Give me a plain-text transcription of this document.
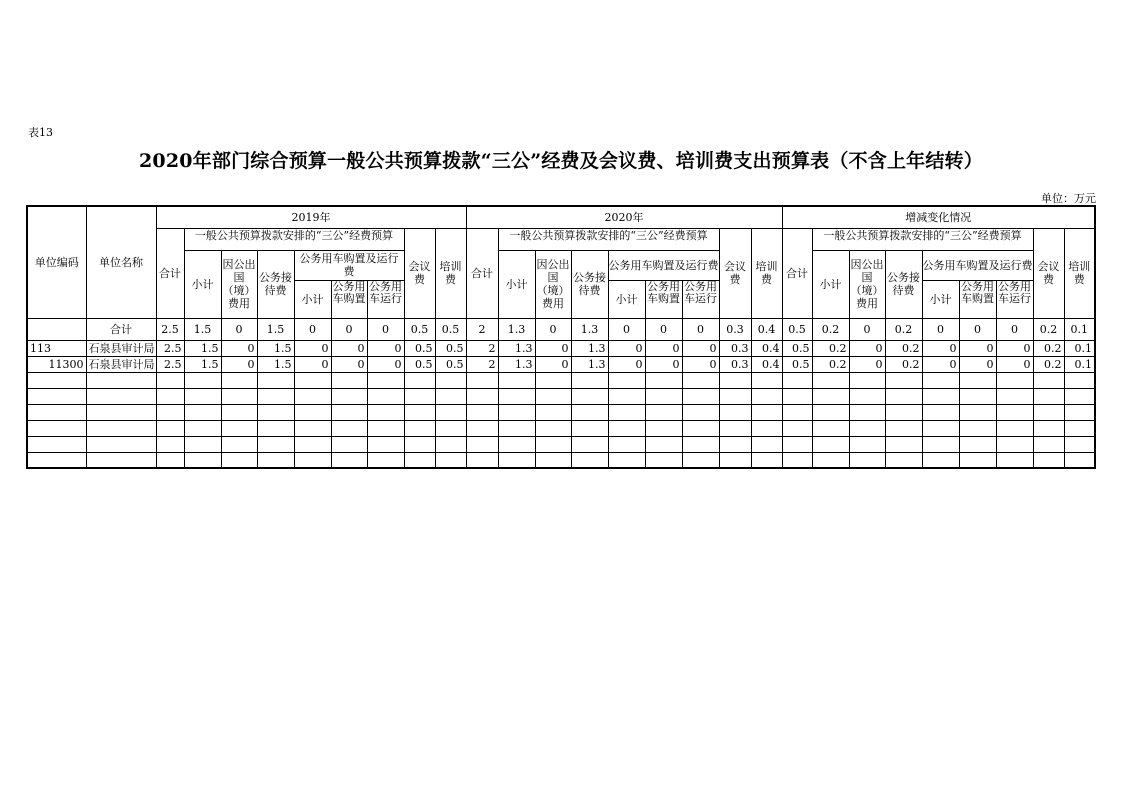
表13
2020年部门综合预算一般公共预算拨款“三公”经费及会议费、培训费支出预算表（不含上年结转）
单位：万元
单位编码	单位名称	2019年									2020年									增减变化情况								
		合计	一般公共预算拨款安排的“三公”经费预算						会议费	培训费	合计	一般公共预算拨款安排的“三公”经费预算						会议费	培训费	合计	一般公共预算拨款安排的“三公”经费预算						会议费	培训费
			小计	因公出国（境）费用	公务接待费	公务用车购置及运行费						小计	因公出国（境）费用	公务接待费	公务用车购置及运行费						小计	因公出国（境）费用	公务接待费	公务用车购置及运行费				
						小计	公务用车购置	公务用车运行							小计	公务用车购置	公务用车运行							小计	公务用车购置	公务用车运行		

	合计	2.5	1.5	0	1.5	0	0	0	0.5	0.5	2	1.3	0	1.3	0	0	0	0.3	0.4	0.5	0.2	0	0.2	0	0	0	0.2	0.1
113	石泉县审计局	2.5	1.5	0	1.5	0	0	0	0.5	0.5	2	1.3	0	1.3	0	0	0	0.3	0.4	0.5	0.2	0	0.2	0	0	0	0.2	0.1
11300	石泉县审计局	2.5	1.5	0	1.5	0	0	0	0.5	0.5	2	1.3	0	1.3	0	0	0	0.3	0.4	0.5	0.2	0	0.2	0	0	0	0.2	0.1
